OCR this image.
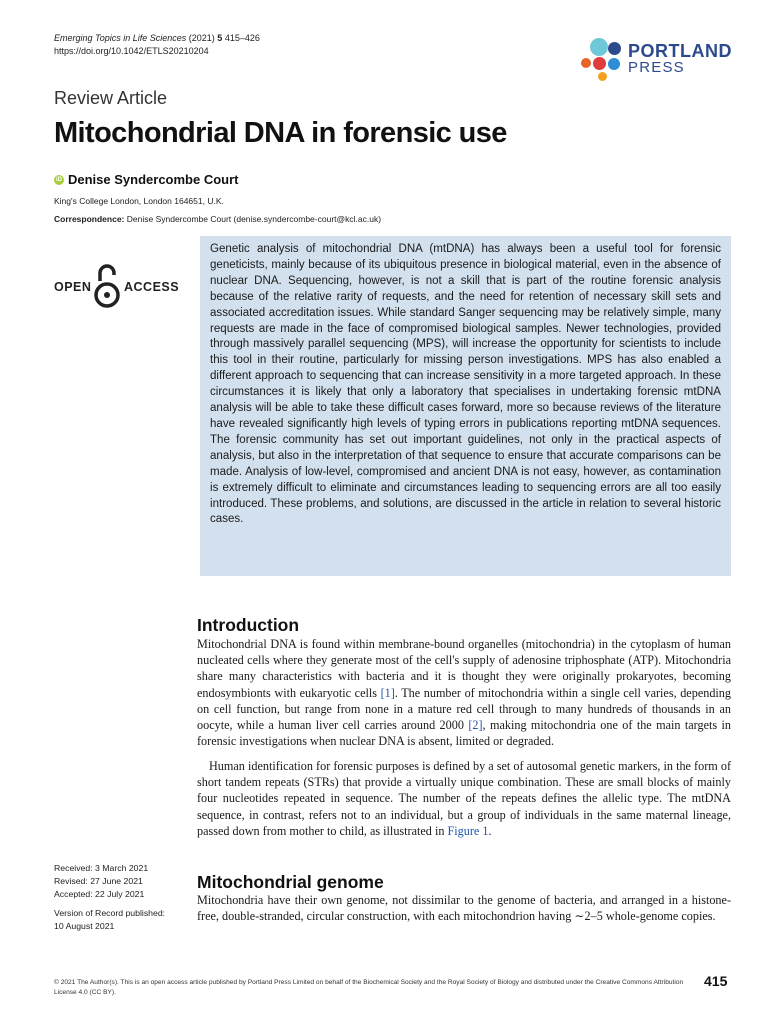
Emerging Topics in Life Sciences (2021) 5 415–426
https://doi.org/10.1042/ETLS20210204	PORTLAND
PRESS
Review Article
Mitochondrial DNA in forensic use
iD Denise Syndercombe Court
King's College London, London 164651, U.K.
Correspondence: Denise Syndercombe Court (denise.syndercombe-court@kcl.ac.uk)
OPEN	ACCESS

Genetic analysis of mitochondrial DNA (mtDNA) has always been a useful tool for forensic geneticists, mainly because of its ubiquitous presence in biological material, even in the absence of nuclear DNA. Sequencing, however, is not a skill that is part of the routine forensic analysis because of the relative rarity of requests, and the need for retention of necessary skill sets and associated accreditation issues. While standard Sanger sequencing may be relatively simple, many requests are made in the face of compromised biological samples. Newer technologies, provided through massively parallel sequencing (MPS), will increase the opportunity for scientists to include this tool in their routine, particularly for missing person investigations. MPS has also enabled a different approach to sequencing that can increase sensitivity in a more targeted approach. In these circumstances it is likely that only a laboratory that specialises in undertaking forensic mtDNA analysis will be able to take these difficult cases forward, more so because reviews of the literature have revealed significantly high levels of typing errors in publications reporting mtDNA sequences. The forensic community has set out important guidelines, not only in the practical aspects of analysis, but also in the interpretation of that sequence to ensure that accurate comparisons can be made. Analysis of low-level, compromised and ancient DNA is not easy, however, as contamination is extremely difficult to eliminate and circumstances leading to sequencing errors are all too easily introduced. These problems, and solutions, are discussed in the article in relation to several historic cases.

Introduction

Mitochondrial DNA is found within membrane-bound organelles (mitochondria) in the cytoplasm of human nucleated cells where they generate most of the cell's supply of adenosine triphosphate (ATP). Mitochondria share many characteristics with bacteria and it is thought they were originally prokaryotes, becoming endosymbionts with eukaryotic cells [1]. The number of mitochondria within a single cell varies, depending on cell function, but range from none in a mature red cell through to many hundreds of thousands in an oocyte, while a human liver cell carries around 2000 [2], making mitochondria one of the main targets in forensic investigations when nuclear DNA is absent, limited or degraded.

Human identification for forensic purposes is defined by a set of autosomal genetic markers, in the form of short tandem repeats (STRs) that provide a virtually unique combination. These are small blocks of mainly four nucleotides repeated in sequence. The number of the repeats defines the allelic type. The mtDNA sequence, in contrast, refers not to an individual, but a group of individuals in the same maternal lineage, passed down from mother to child, as illustrated in Figure 1.

Received: 3 March 2021
Revised: 27 June 2021
Accepted: 22 July 2021
Version of Record published:
10 August 2021
Mitochondrial genome

Mitochondria have their own genome, not dissimilar to the genome of bacteria, and arranged in a histone-free, double-stranded, circular construction, with each mitochondrion having ∼2–5 whole-genome copies.

© 2021 The Author(s). This is an open access article published by Portland Press Limited on behalf of the Biochemical Society and the Royal Society of Biology and distributed under the Creative Commons Attribution License 4.0 (CC BY).
415
